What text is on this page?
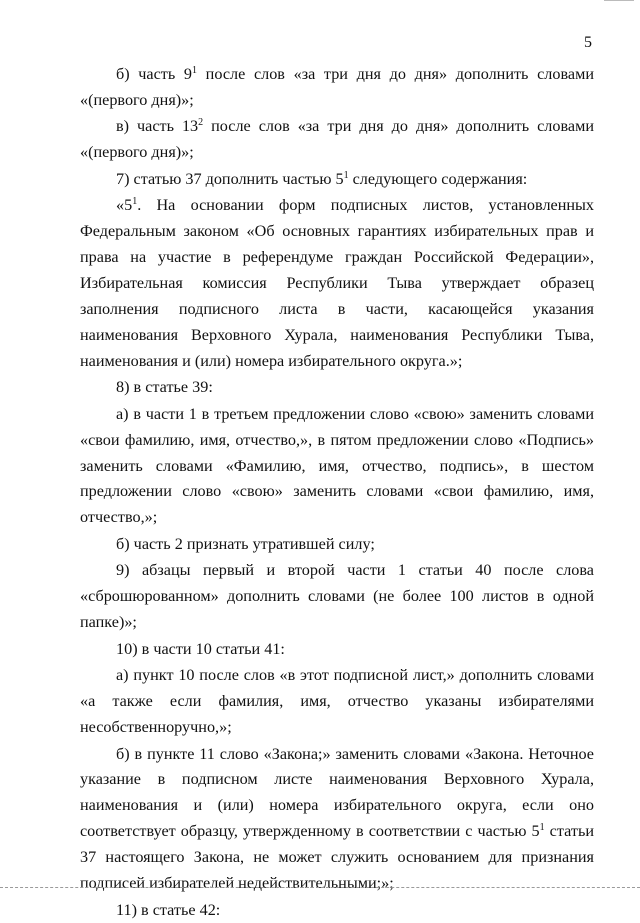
5

б) часть $9^1$ после слов «за три дня до дня» дополнить словами «(первого дня)»;

в) часть $13^2$ после слов «за три дня до дня» дополнить словами «(первого дня)»;

7) статью 37 дополнить частью $5^1$ следующего содержания:

«$5^1$. На основании форм подписных листов, установленных Федеральным законом «Об основных гарантиях избирательных прав и права на участие в референдуме граждан Российской Федерации», Избирательная комиссия Республики Тыва утверждает образец заполнения подписного листа в части, касающейся указания наименования Верховного Хурала, наименования Республики Тыва, наименования и (или) номера избирательного округа.»;

8) в статье 39:

а) в части 1 в третьем предложении слово «свою» заменить словами «свои фамилию, имя, отчество,», в пятом предложении слово «Подпись» заменить словами «Фамилию, имя, отчество, подпись», в шестом предложении слово «свою» заменить словами «свои фамилию, имя, отчество,»;

б) часть 2 признать утратившей силу;

9) абзацы первый и второй части 1 статьи 40 после слова «сброшюрованном» дополнить словами (не более 100 листов в одной папке)»;

10) в части 10 статьи 41:

а) пункт 10 после слов «в этот подписной лист,» дополнить словами «а также если фамилия, имя, отчество указаны избирателями несобственноручно,»;

б) в пункте 11 слово «Закона;» заменить словами «Закона. Неточное указание в подписном листе наименования Верховного Хурала, наименования и (или) номера избирательного округа, если оно соответствует образцу, утвержденному в соответствии с частью $5^1$ статьи 37 настоящего Закона, не может служить основанием для признания подписей избирателей недействительными;»;

11) в статье 42:
